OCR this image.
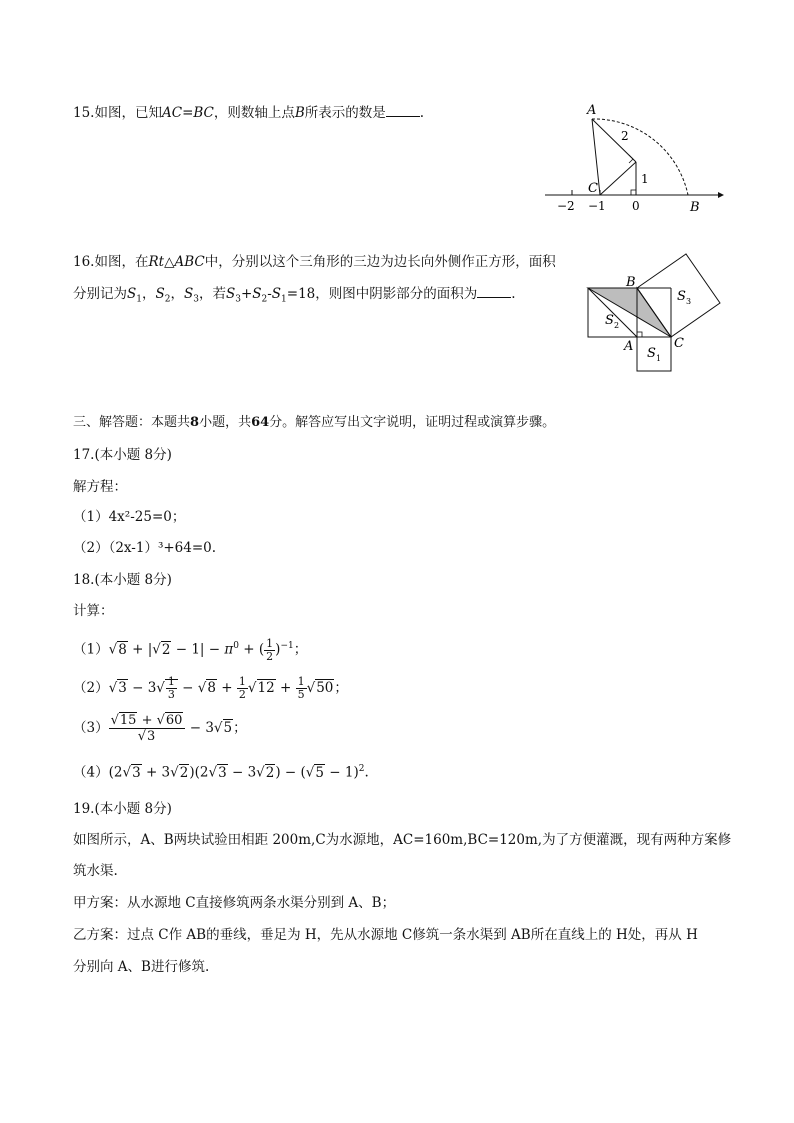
15.如图，已知AC=BC，则数轴上点B所表示的数是	.	A
C
B
2
1
−2 −1 0
16.如图，在Rt△ABC中，分别以这个三角形的三边为边长向外侧作正方形，面积
分别记为$S_1$，$S_2$，$S_3$，若$S_3+S_2-S_1=18$，则图中阴影部分的面积为	.
B
A	C
S 2
S 1
S 3
三、解答题：本题共8小题，共64分。解答应写出文字说明，证明过程或演算步骤。
17.(本小题 8分)
解方程：
（1）4x²-25=0；
（2）（2x-1）³+64=0.
18.(本小题 8分)
计算：
$(1)√8 + |√2 - 1| - \pi^0$ + ( $\frac{1}{2} )^{-1}$；
$(2)√3 - 3√ \frac{1}{3} - √8 + \frac{1}{2} √12 + \frac{1}{5} √50$；
$(3) \frac{√15 + √60}{√3} - 3√5$；
$(4)(2√3 + 3√2)(2√3 - 3√2) - (√5 - 1)^2$.
19.(本小题 8分)
如图所示，A、B两块试验田相距 200m,C为水源地，AC=160m,BC=120m,为了方便灌溉，现有两种方案修
筑水渠.
甲方案：从水源地 C直接修筑两条水渠分别到 A、B；
乙方案：过点 C作 AB的垂线，垂足为 H，先从水源地 C修筑一条水渠到 AB所在直线上的 H处，再从 H
分别向 A、B进行修筑.
